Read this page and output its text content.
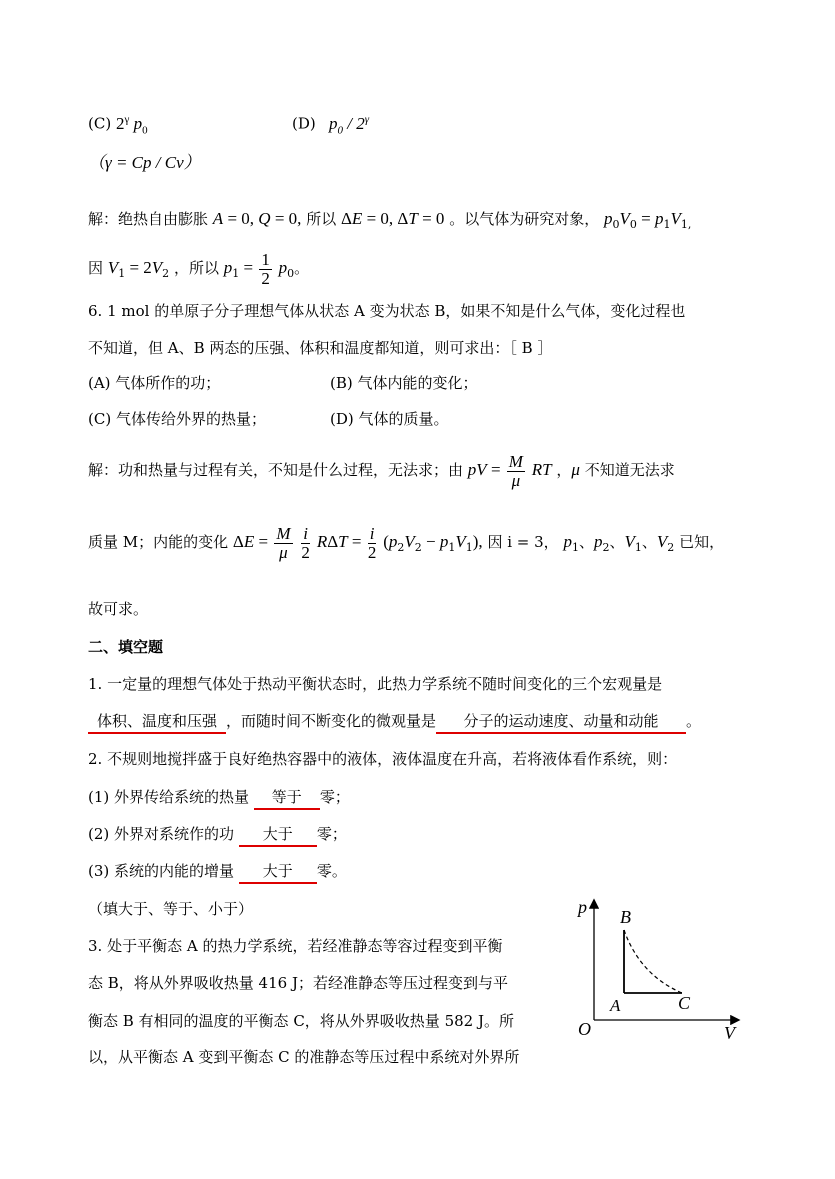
(C) $2^\gamma$ $p_0$	(D)   $p_0 / 2^\gamma$
（γ = Cp / Cv）
解：绝热自由膨胀 A = 0, Q = 0, 所以 ΔE = 0, ΔT = 0 。以气体为研究对象， $p_0V_0 = p_1V_{1,}$
因 $V_1 = 2V_2$ ，所以 $p_1 = \frac{1}{2} p_0$。
6. 1 mol 的单原子分子理想气体从状态 A 变为状态 B，如果不知是什么气体，变化过程也
不知道，但 A、B 两态的压强、体积和温度都知道，则可求出：［ B ］
(A) 气体所作的功；	(B) 气体内能的变化；
(C) 气体传给外界的热量；	(D) 气体的质量。
解：功和热量与过程有关，不知是什么过程，无法求；由 pV = $\frac{M}{\mu}$ RT ，μ 不知道无法求
质量 M；内能的变化 $\Delta E = \frac{M}{\mu}$
$\frac{i}{2}$ $R\Delta T = \frac{i}{2} (p_2V_2 - p_1V_1)$, 因 i = 3， $p_1$、$p_2$、$V_1$、$V_2$ 已知，
故可求。
二、填空题
1. 一定量的理想气体处于热动平衡状态时，此热力学系统不随时间变化的三个宏观量是
体积、温度和压强 ，而随时间不断变化的微观量是 分子的运动速度、动量和动能 。
2. 不规则地搅拌盛于良好绝热容器中的液体，液体温度在升高，若将液体看作系统，则：
(1) 外界传给系统的热量 等于 零；
(2) 外界对系统作的功 大于 零；
(3) 系统的内能的增量 大于 零。
（填大于、等于、小于）
3. 处于平衡态 A 的热力学系统，若经准静态等容过程变到平衡
态 B，将从外界吸收热量 416 J；若经准静态等压过程变到与平
衡态 B 有相同的温度的平衡态 C，将从外界吸收热量 582 J。所
以，从平衡态 A 变到平衡态 C 的准静态等压过程中系统对外界所
p
V
O
A
B
C
